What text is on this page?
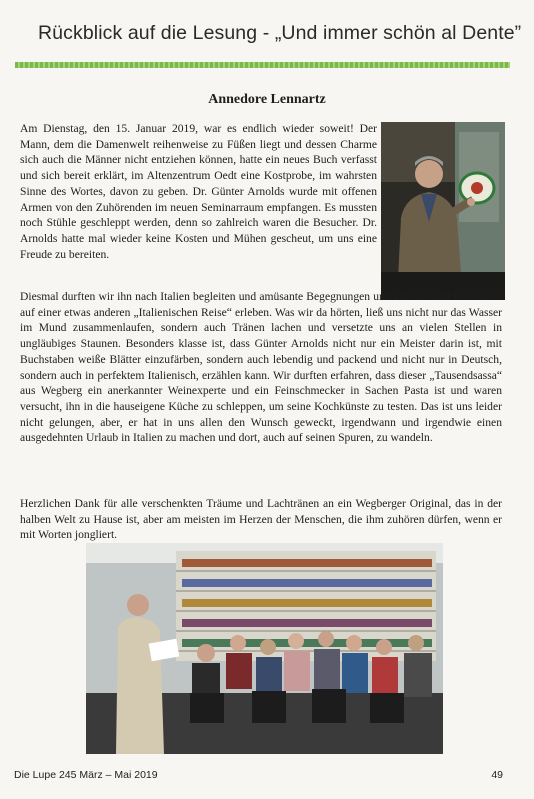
Rückblick auf die Lesung - „Und immer schön al Dente”
Annedore Lennartz

Am Dienstag, den 15. Januar 2019, war es endlich wieder soweit! Der Mann, dem die Damenwelt reihenweise zu Füßen liegt und dessen Charme sich auch die Männer nicht entziehen können, hatte ein neues Buch verfasst und sich bereit erklärt, im Altenzentrum Oedt eine Kostprobe, im wahrsten Sinne des Wortes, davon zu geben. Dr. Günter Arnolds wurde mit offenen Armen von den Zuhörenden im neuen Seminarraum empfangen. Es mussten noch Stühle geschleppt werden, denn so zahlreich waren die Besucher. Dr. Arnolds hatte mal wieder keine Kosten und Mühen gescheut, um uns eine Freude zu bereiten.

Diesmal durften wir ihn nach Italien begleiten und amüsante Begegnungen und kulinarische Erlebnisse auf einer etwas anderen „Italienischen Reise“ erleben. Was wir da hörten, ließ uns nicht nur das Wasser im Mund zusammenlaufen, sondern auch Tränen lachen und versetzte uns an vielen Stellen in ungläubiges Staunen. Besonders klasse ist, dass Günter Arnolds nicht nur ein Meister darin ist, mit Buchstaben weiße Blätter einzufärben, sondern auch lebendig und packend und nicht nur in Deutsch, sondern auch in perfektem Italienisch, erzählen kann. Wir durften erfahren, dass dieser „Tausendsassa“ aus Wegberg ein anerkannter Weinexperte und ein Feinschmecker in Sachen Pasta ist und waren versucht, ihn in die hauseigene Küche zu schleppen, um seine Kochkünste zu testen. Das ist uns leider nicht gelungen, aber, er hat in uns allen den Wunsch geweckt, irgendwann und irgendwie einen ausgedehnten Urlaub in Italien zu machen und dort, auch auf seinen Spuren, zu wandeln.

Herzlichen Dank für alle verschenkten Träume und Lachtränen an ein Wegberger Original, das in der halben Welt zu Hause ist, aber am meisten im Herzen der Menschen, die ihm zuhören dürfen, wenn er mit Worten jongliert.

Die Lupe 245 März – Mai 2019	49
